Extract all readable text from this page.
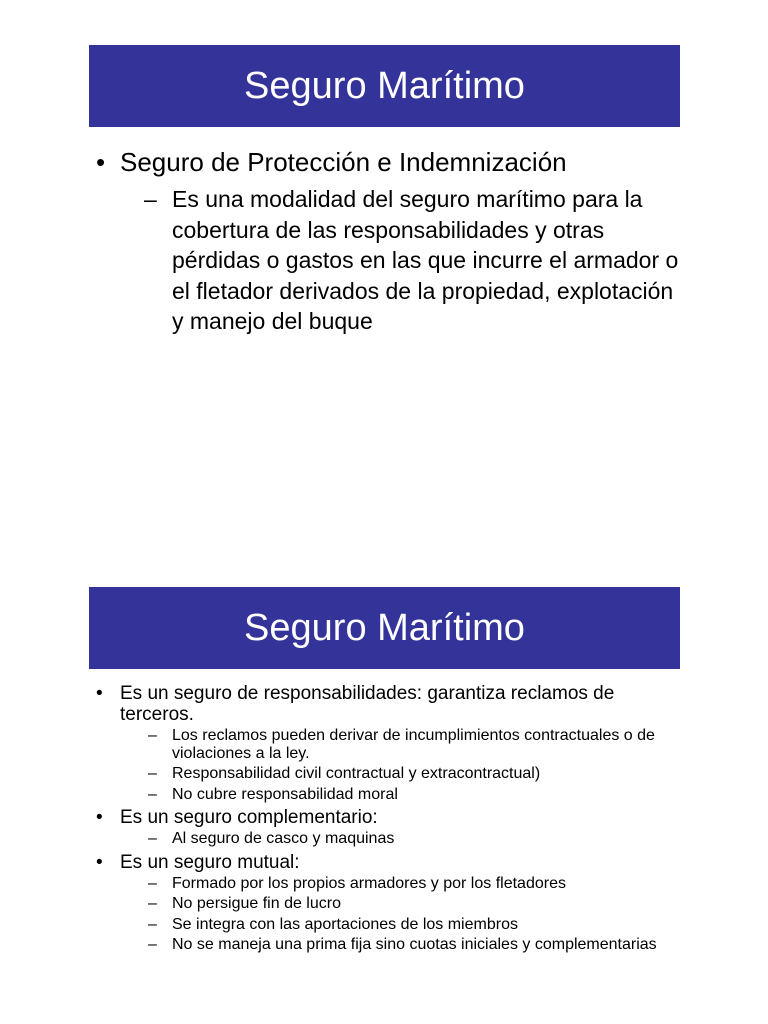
Seguro Marítimo
• Seguro de Protección e Indemnización
– Es una modalidad del seguro marítimo para la cobertura de las responsabilidades y otras pérdidas o gastos en las que incurre el armador o el fletador derivados de la propiedad, explotación y manejo del buque
Seguro Marítimo
• Es un seguro de responsabilidades: garantiza reclamos de terceros.
– Los reclamos pueden derivar de incumplimientos contractuales o de violaciones a la ley.
– Responsabilidad civil contractual y extracontractual)
– No cubre responsabilidad moral
• Es un seguro complementario:
– Al seguro de casco y maquinas
• Es un seguro mutual:
– Formado por los propios armadores y por los fletadores
– No persigue fin de lucro
– Se integra con las aportaciones de los miembros
– No se maneja una prima fija sino cuotas iniciales y complementarias
